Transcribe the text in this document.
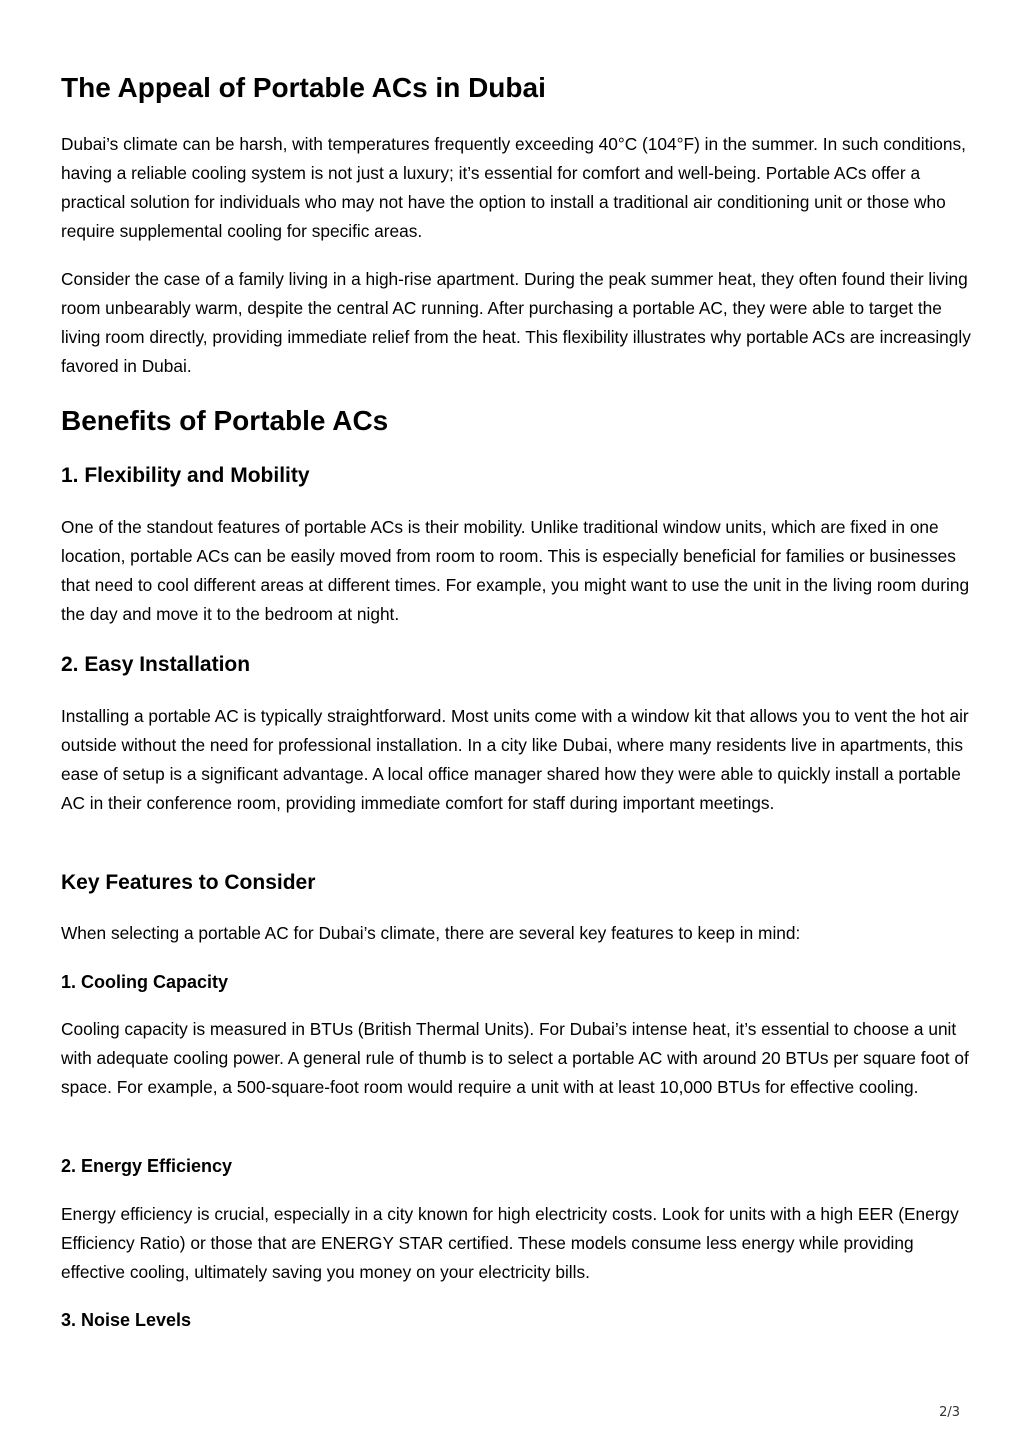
The Appeal of Portable ACs in Dubai

Dubai’s climate can be harsh, with temperatures frequently exceeding 40°C (104°F) in the summer. In such conditions, having a reliable cooling system is not just a luxury; it’s essential for comfort and well-being. Portable ACs offer a practical solution for individuals who may not have the option to install a traditional air conditioning unit or those who require supplemental cooling for specific areas.

Consider the case of a family living in a high-rise apartment. During the peak summer heat, they often found their living room unbearably warm, despite the central AC running. After purchasing a portable AC, they were able to target the living room directly, providing immediate relief from the heat. This flexibility illustrates why portable ACs are increasingly favored in Dubai.

Benefits of Portable ACs
1. Flexibility and Mobility

One of the standout features of portable ACs is their mobility. Unlike traditional window units, which are fixed in one location, portable ACs can be easily moved from room to room. This is especially beneficial for families or businesses that need to cool different areas at different times. For example, you might want to use the unit in the living room during the day and move it to the bedroom at night.

2. Easy Installation

Installing a portable AC is typically straightforward. Most units come with a window kit that allows you to vent the hot air outside without the need for professional installation. In a city like Dubai, where many residents live in apartments, this ease of setup is a significant advantage. A local office manager shared how they were able to quickly install a portable AC in their conference room, providing immediate comfort for staff during important meetings.

Key Features to Consider

When selecting a portable AC for Dubai’s climate, there are several key features to keep in mind:

1. Cooling Capacity

Cooling capacity is measured in BTUs (British Thermal Units). For Dubai’s intense heat, it’s essential to choose a unit with adequate cooling power. A general rule of thumb is to select a portable AC with around 20 BTUs per square foot of space. For example, a 500-square-foot room would require a unit with at least 10,000 BTUs for effective cooling.

2. Energy Efficiency

Energy efficiency is crucial, especially in a city known for high electricity costs. Look for units with a high EER (Energy Efficiency Ratio) or those that are ENERGY STAR certified. These models consume less energy while providing effective cooling, ultimately saving you money on your electricity bills.

3. Noise Levels
2/3
